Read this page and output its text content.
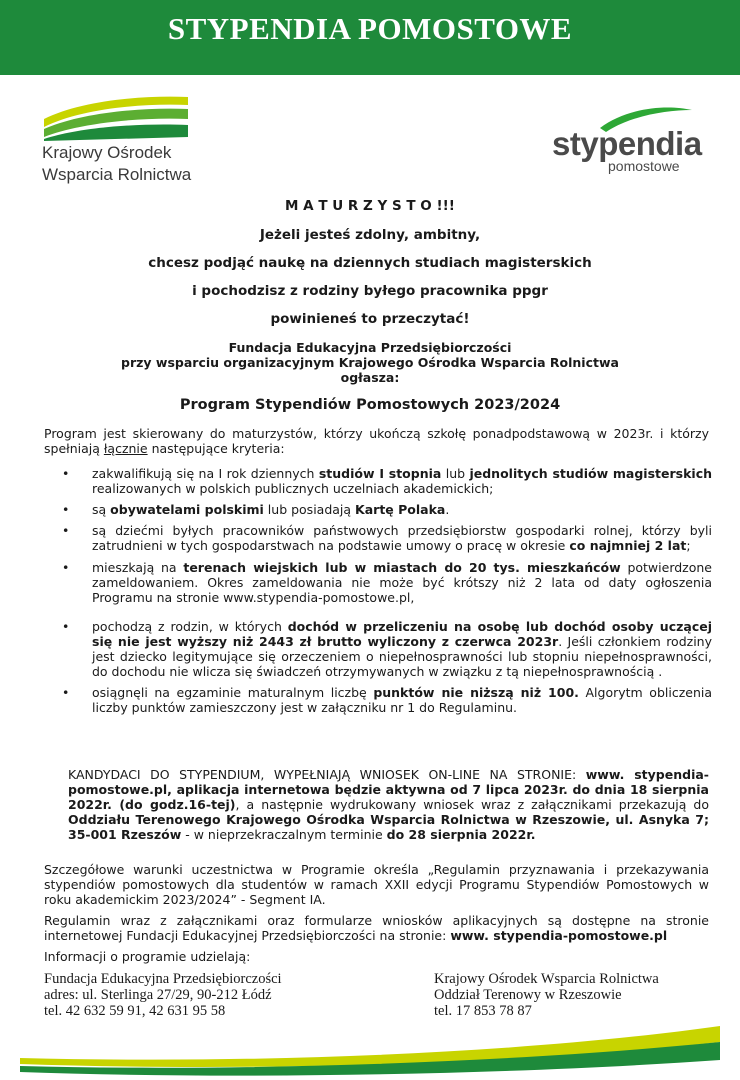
STYPENDIA POMOSTOWE
Krajowy Ośrodek
Wsparcia Rolnictwa
stypendia
pomostowe
M A T U R Z Y S T O !!!
Jeżeli jesteś zdolny, ambitny,
chcesz podjąć naukę na dziennych studiach magisterskich
i pochodzisz z rodziny byłego pracownika ppgr
powinieneś to przeczytać!
Fundacja Edukacyjna Przedsiębiorczości
przy wsparciu organizacyjnym Krajowego Ośrodka Wsparcia Rolnictwa
ogłasza:
Program Stypendiów Pomostowych 2023/2024
Program jest skierowany do maturzystów, którzy ukończą szkołę ponadpodstawową w 2023r. i którzy spełniają łącznie następujące kryteria:
• zakwalifikują się na I rok dziennych studiów I stopnia lub jednolitych studiów magisterskich realizowanych w polskich publicznych uczelniach akademickich;
• są obywatelami polskimi lub posiadają Kartę Polaka.
• są dziećmi byłych pracowników państwowych przedsiębiorstw gospodarki rolnej, którzy byli zatrudnieni w tych gospodarstwach na podstawie umowy o pracę w okresie co najmniej 2 lat;
• mieszkają na terenach wiejskich lub w miastach do 20 tys. mieszkańców potwierdzone zameldowaniem. Okres zameldowania nie może być krótszy niż 2 lata od daty ogłoszenia Programu na stronie www.stypendia-pomostowe.pl,
• pochodzą z rodzin, w których dochód w przeliczeniu na osobę lub dochód osoby uczącej się nie jest wyższy niż 2443 zł brutto wyliczony z czerwca 2023r. Jeśli członkiem rodziny jest dziecko legitymujące się orzeczeniem o niepełnosprawności lub stopniu niepełnosprawności, do dochodu nie wlicza się świadczeń otrzymywanych w związku z tą niepełnosprawnością .
• osiągnęli na egzaminie maturalnym liczbę punktów nie niższą niż 100. Algorytm obliczenia liczby punktów zamieszczony jest w załączniku nr 1 do Regulaminu.
KANDYDACI DO STYPENDIUM, WYPEŁNIAJĄ WNIOSEK ON-LINE NA STRONIE: www. stypendia-pomostowe.pl, aplikacja internetowa będzie aktywna od 7 lipca 2023r. do dnia 18 sierpnia 2022r. (do godz.16-tej), a następnie wydrukowany wniosek wraz z załącznikami przekazują do Oddziału Terenowego Krajowego Ośrodka Wsparcia Rolnictwa w Rzeszowie, ul. Asnyka 7; 35-001 Rzeszów - w nieprzekraczalnym terminie do 28 sierpnia 2022r.
Szczegółowe warunki uczestnictwa w Programie określa „Regulamin przyznawania i przekazywania stypendiów pomostowych dla studentów w ramach XXII edycji Programu Stypendiów Pomostowych w roku akademickim 2023/2024” - Segment IA.
Regulamin wraz z załącznikami oraz formularze wniosków aplikacyjnych są dostępne na stronie internetowej Fundacji Edukacyjnej Przedsiębiorczości na stronie: www. stypendia-pomostowe.pl
Informacji o programie udzielają:
Fundacja Edukacyjna Przedsiębiorczości
adres: ul. Sterlinga 27/29, 90-212 Łódź
tel. 42 632 59 91, 42 631 95 58
Krajowy Ośrodek Wsparcia Rolnictwa
Oddział Terenowy w Rzeszowie
tel. 17 853 78 87
